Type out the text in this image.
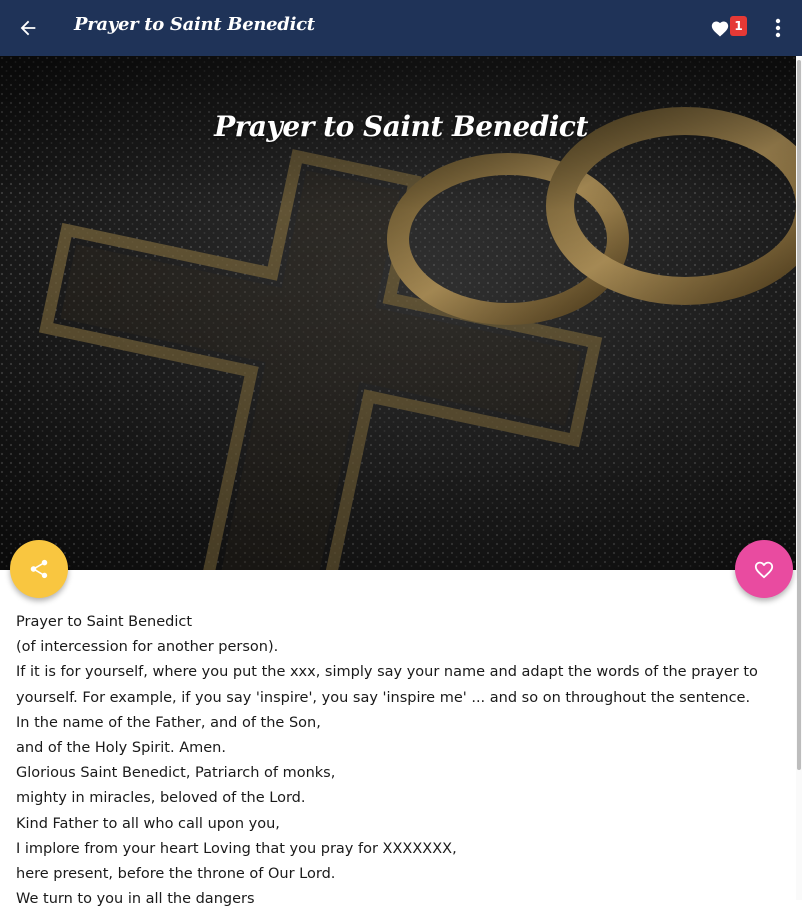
Prayer to Saint Benedict	1
Prayer to Saint Benedict

Prayer to Saint Benedict

(of intercession for another person).

If it is for yourself, where you put the xxx, simply say your name and adapt the words of the prayer to

yourself. For example, if you say 'inspire', you say 'inspire me' ... and so on throughout the sentence.

In the name of the Father, and of the Son,

and of the Holy Spirit. Amen.

Glorious Saint Benedict, Patriarch of monks,

mighty in miracles, beloved of the Lord.

Kind Father to all who call upon you,

I implore from your heart Loving that you pray for XXXXXXX,

here present, before the throne of Our Lord.

We turn to you in all the dangers
